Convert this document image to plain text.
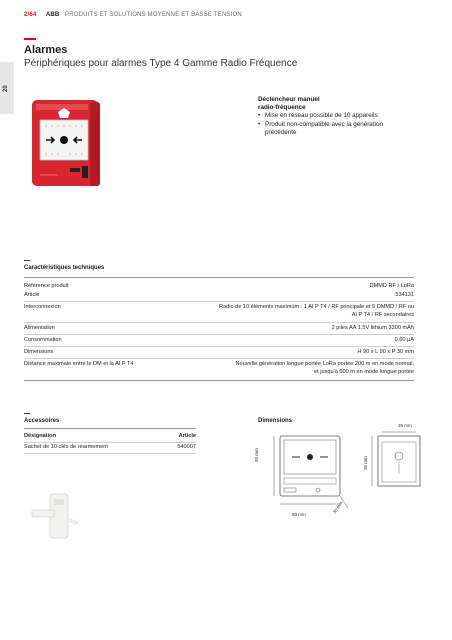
2/64 ABB PRODUITS ET SOLUTIONS MOYENNE ET BASSE TENSION
20
Alarmes
Périphériques pour alarmes Type 4 Gamme Radio Fréquence
Déclencheur manuel
radio-fréquence
• Mise en réseau possible de 10 appareils
• Produit non-compatible avec la génération précédente
Caractéristiques techniques
Référence produit	DMMD RF / LoRa
Article	534131
Interconnexion	Radio de 10 éléments maximum : 1 AI P T4 / RF principale et 9 DMMD / RF ou
AI P T4 / RF secondaires
Alimentation	2 piles AA 1.5V lithium 3300 mAh
Consommation	0.60 µA
Dimensions	H 90 x L 90 x P 30 mm
Distance maximale entre le DM et la AI P T4	Nouvelle génération longue portée LoRa portée 200 m en mode normal,
et jusqu'à 600 m en mode longue portée
Accessoires
Désignation	Article
Sachet de 10 clés de réarmement	540007
Dimensions
90 mm
90 mm	30 mm
35 mm
35 mm
